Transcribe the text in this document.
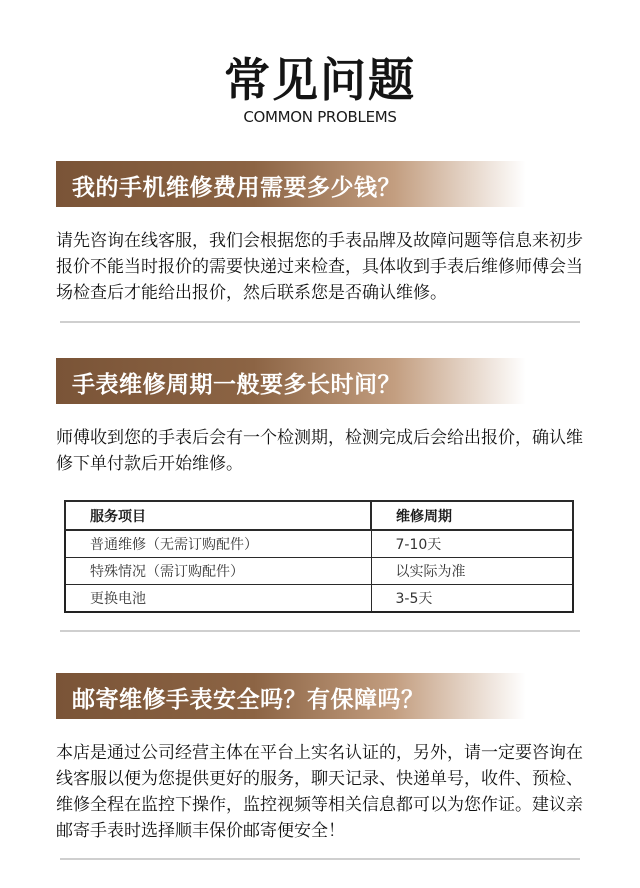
常见问题
COMMON PROBLEMS
我的手机维修费用需要多少钱？
请先咨询在线客服，我们会根据您的手表品牌及故障问题等信息来初步报价不能当时报价的需要快递过来检查，具体收到手表后维修师傅会当场检查后才能给出报价，然后联系您是否确认维修。
手表维修周期一般要多长时间？
师傅收到您的手表后会有一个检测期，检测完成后会给出报价，确认维修下单付款后开始维修。
服务项目	维修周期
普通维修（无需订购配件）	7-10天
特殊情况（需订购配件）	以实际为准
更换电池	3-5天
邮寄维修手表安全吗？有保障吗？
本店是通过公司经营主体在平台上实名认证的，另外，请一定要咨询在线客服以便为您提供更好的服务，聊天记录、快递单号，收件、预检、维修全程在监控下操作，监控视频等相关信息都可以为您作证。建议亲邮寄手表时选择顺丰保价邮寄便安全！
